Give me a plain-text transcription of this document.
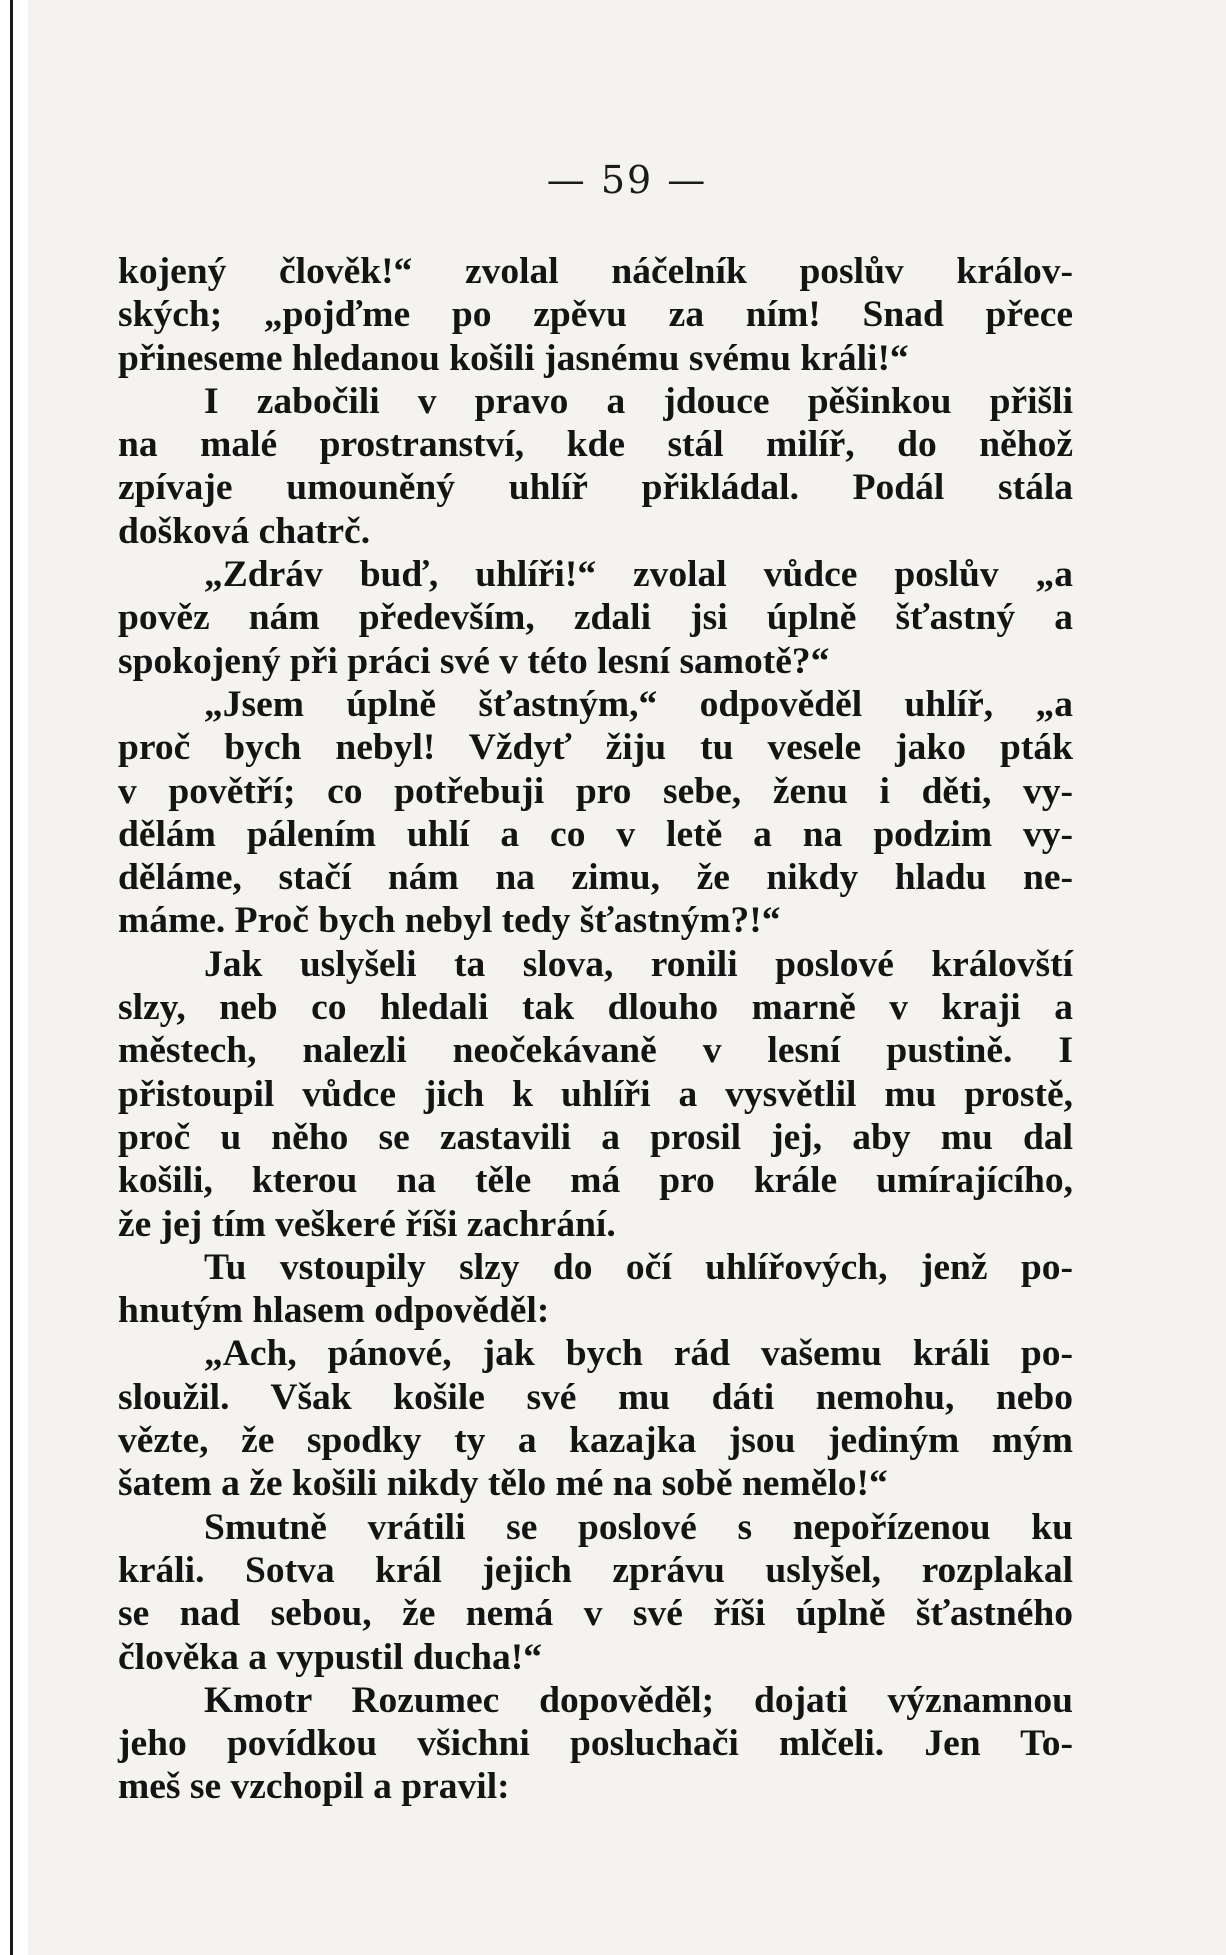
— 59 —
kojený člověk!“ zvolal náčelník poslův králov-
ských; „pojďme po zpěvu za ním! Snad přece
přineseme hledanou košili jasnému svému králi!“
I zabočili v pravo a jdouce pěšinkou přišli
na malé prostranství, kde stál milíř, do něhož
zpívaje umouněný uhlíř přikládal. Podál stála
došková chatrč.
„Zdráv buď, uhlíři!“ zvolal vůdce poslův „a
pověz nám především, zdali jsi úplně šťastný a
spokojený při práci své v této lesní samotě?“
„Jsem úplně šťastným,“ odpověděl uhlíř, „a
proč bych nebyl! Vždyť žiju tu vesele jako pták
v povětří; co potřebuji pro sebe, ženu i děti, vy-
dělám pálením uhlí a co v letě a na podzim vy-
děláme, stačí nám na zimu, že nikdy hladu ne-
máme. Proč bych nebyl tedy šťastným?!“
Jak uslyšeli ta slova, ronili poslové královští
slzy, neb co hledali tak dlouho marně v kraji a
městech, nalezli neočekávaně v lesní pustině. I
přistoupil vůdce jich k uhlíři a vysvětlil mu prostě,
proč u něho se zastavili a prosil jej, aby mu dal
košili, kterou na těle má pro krále umírajícího,
že jej tím veškeré říši zachrání.
Tu vstoupily slzy do očí uhlířových, jenž po-
hnutým hlasem odpověděl:
„Ach, pánové, jak bych rád vašemu králi po-
sloužil. Však košile své mu dáti nemohu, nebo
vězte, že spodky ty a kazajka jsou jediným mým
šatem a že košili nikdy tělo mé na sobě nemělo!“
Smutně vrátili se poslové s nepořízenou ku
králi. Sotva král jejich zprávu uslyšel, rozplakal
se nad sebou, že nemá v své říši úplně šťastného
člověka a vypustil ducha!“
Kmotr Rozumec dopověděl; dojati významnou
jeho povídkou všichni posluchači mlčeli. Jen To-
meš se vzchopil a pravil:
